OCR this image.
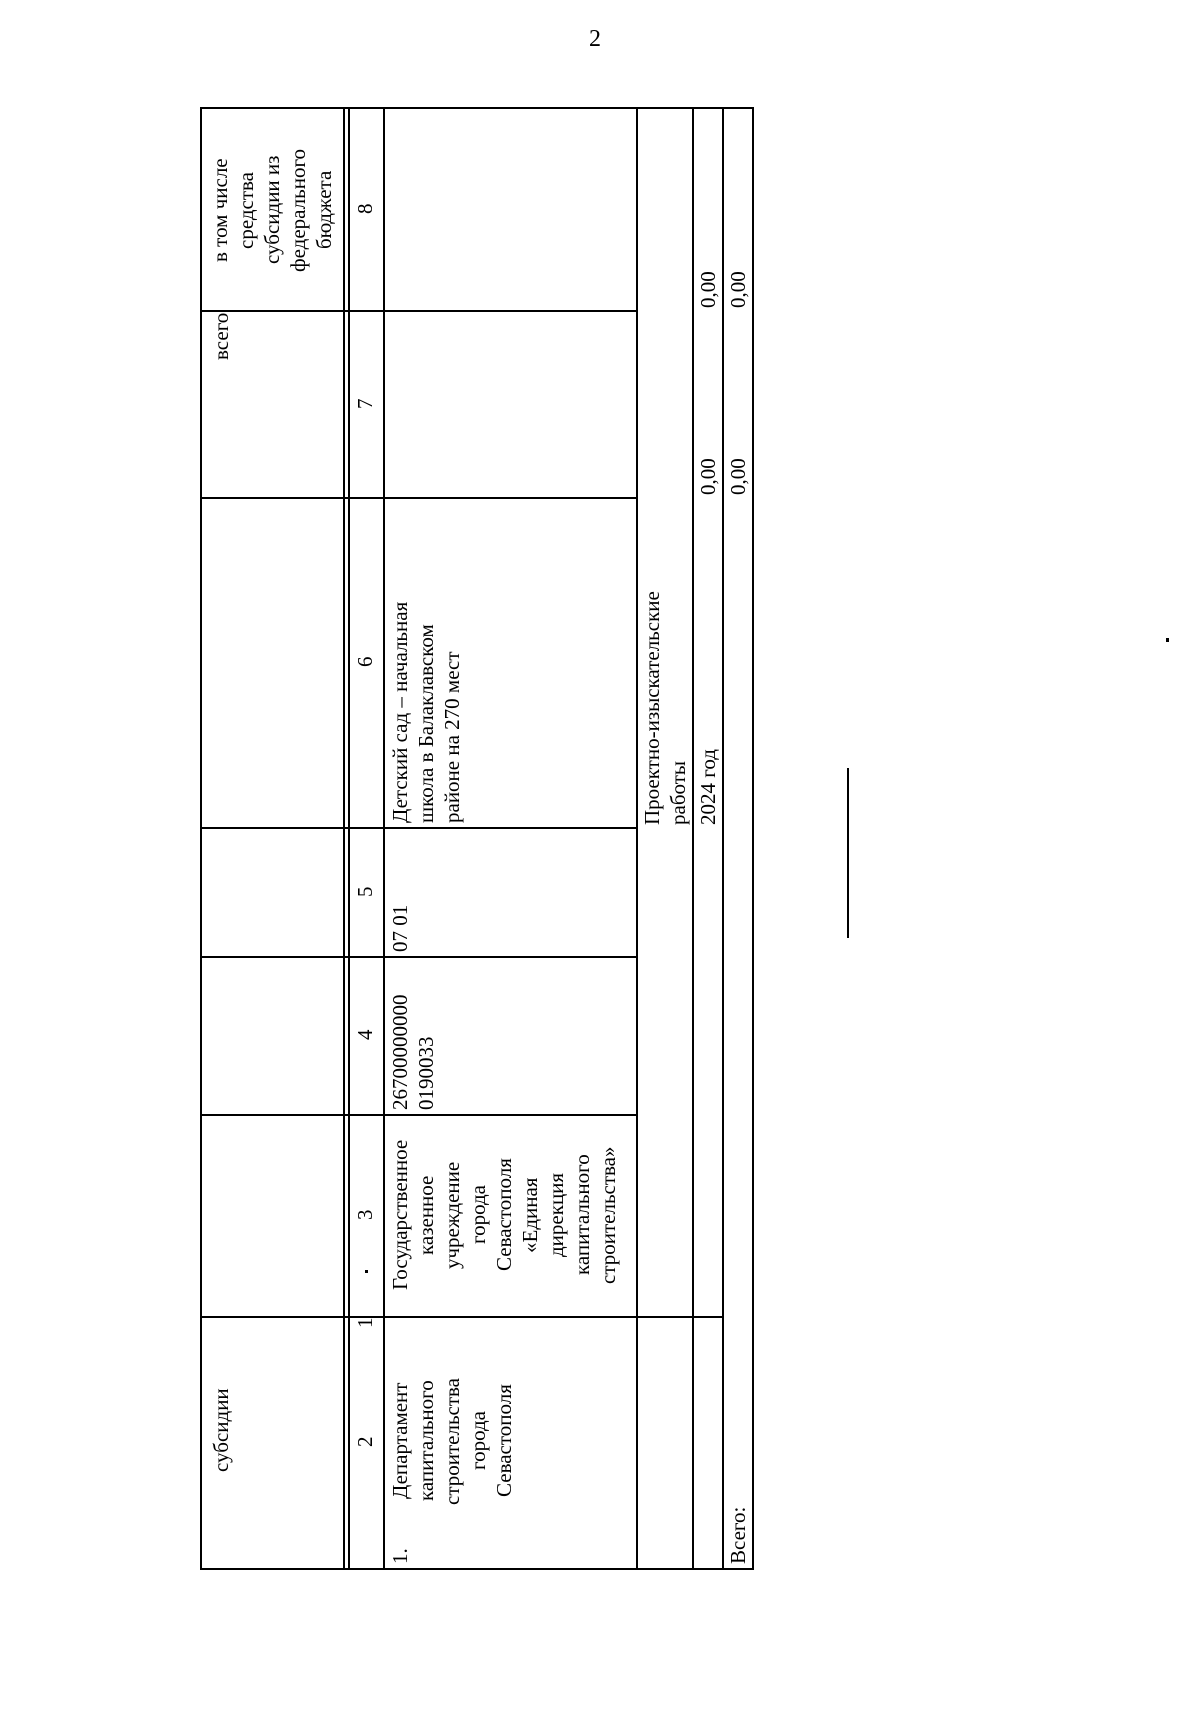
2
субсидии
всего
в том числе
средства
субсидии из
федерального
бюджета
1
2
3
4
5
6
7
8
1.
Департамент
капитального
строительства
города
Севастополя
Государственное
казенное
учреждение
города
Севастополя
«Единая
дирекция
капитального
строительства»
26700000000
0190033
07 01
Детский сад – начальная
школа в Балаклавском
районе на 270 мест	Проектно-изыскательские
работы 2024 год
0,00
0,00
Всего:
0,00
0,00
